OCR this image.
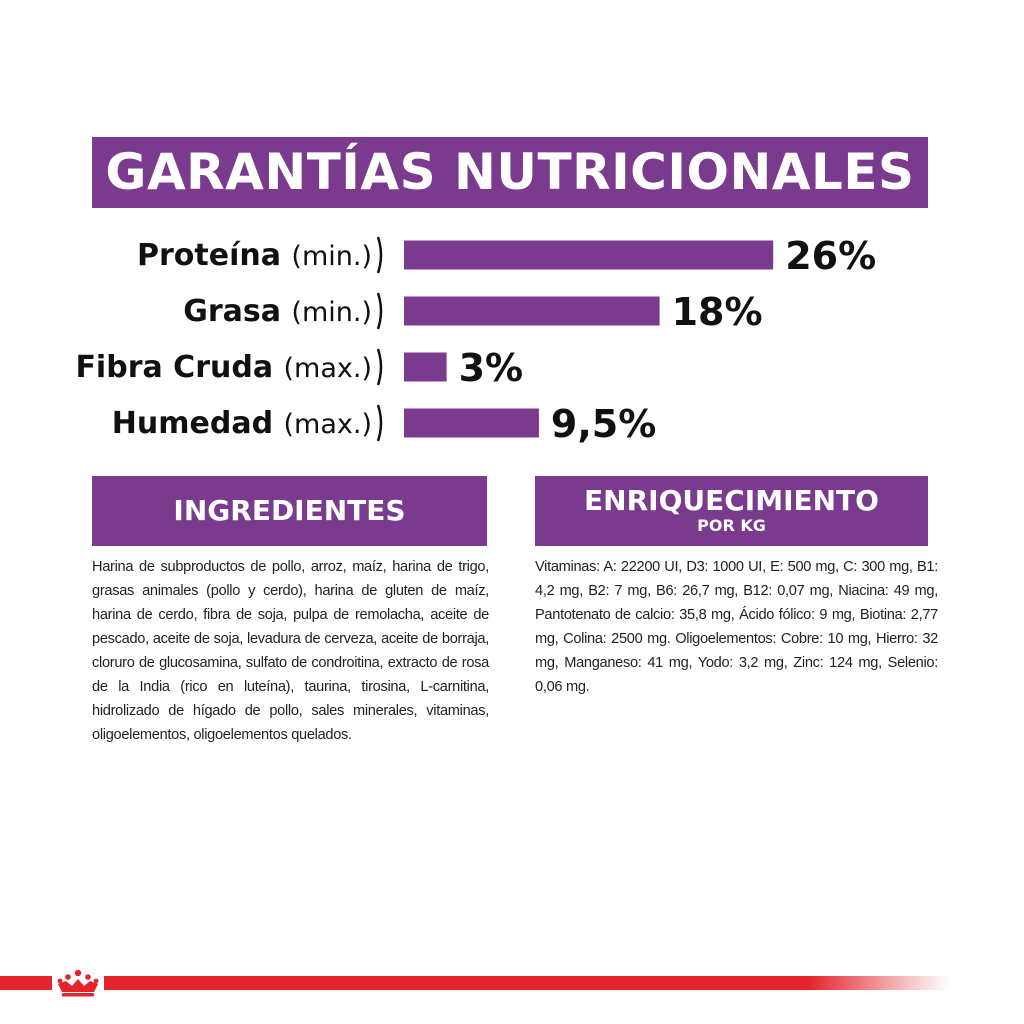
GARANTÍAS NUTRICIONALES
Proteína (min.)	26%
Grasa (min.)	18%
Fibra Cruda (max.) 3%
Humedad (max.)	9,5%
INGREDIENTES
Harina de subproductos de pollo, arroz, maíz, harina de trigo, grasas animales (pollo y cerdo), harina de gluten de maíz, harina de cerdo, fibra de soja, pulpa de remolacha, aceite de pescado, aceite de soja, levadura de cerveza, aceite de borraja, cloruro de glucosamina, sulfato de condroitina, extracto de rosa de la India (rico en luteína), taurina, tirosina, L-carnitina, hidrolizado de hígado de pollo, sales minerales, vitaminas, oligoelementos, oligoelementos quelados.
ENRIQUECIMIENTO
POR KG
Vitaminas: A: 22200 UI, D3: 1000 UI, E: 500 mg, C: 300 mg, B1: 4,2 mg, B2: 7 mg, B6: 26,7 mg, B12: 0,07 mg, Niacina: 49 mg, Pantotenato de calcio: 35,8 mg, Ácido fólico: 9 mg, Biotina: 2,77 mg, Colina: 2500 mg. Oligoelementos: Cobre: 10 mg, Hierro: 32 mg, Manganeso: 41 mg, Yodo: 3,2 mg, Zinc: 124 mg, Selenio: 0,06 mg.
